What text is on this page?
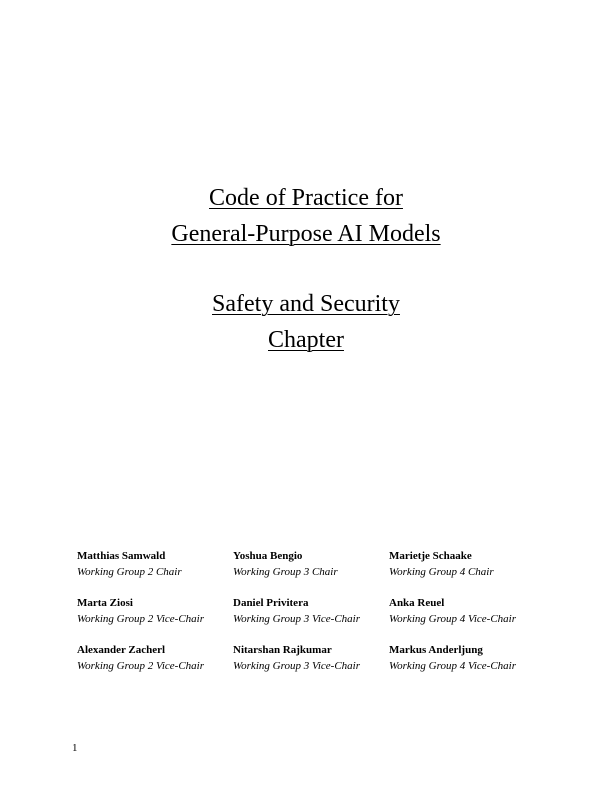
Code of Practice for
General-Purpose AI Models
Safety and Security
Chapter
Matthias Samwald
Working Group 2 Chair
Yoshua Bengio
Working Group 3 Chair
Marietje Schaake
Working Group 4 Chair
Marta Ziosi
Working Group 2 Vice-Chair
Daniel Privitera
Working Group 3 Vice-Chair
Anka Reuel
Working Group 4 Vice-Chair
Alexander Zacherl
Working Group 2 Vice-Chair
Nitarshan Rajkumar
Working Group 3 Vice-Chair
Markus Anderljung
Working Group 4 Vice-Chair
1
